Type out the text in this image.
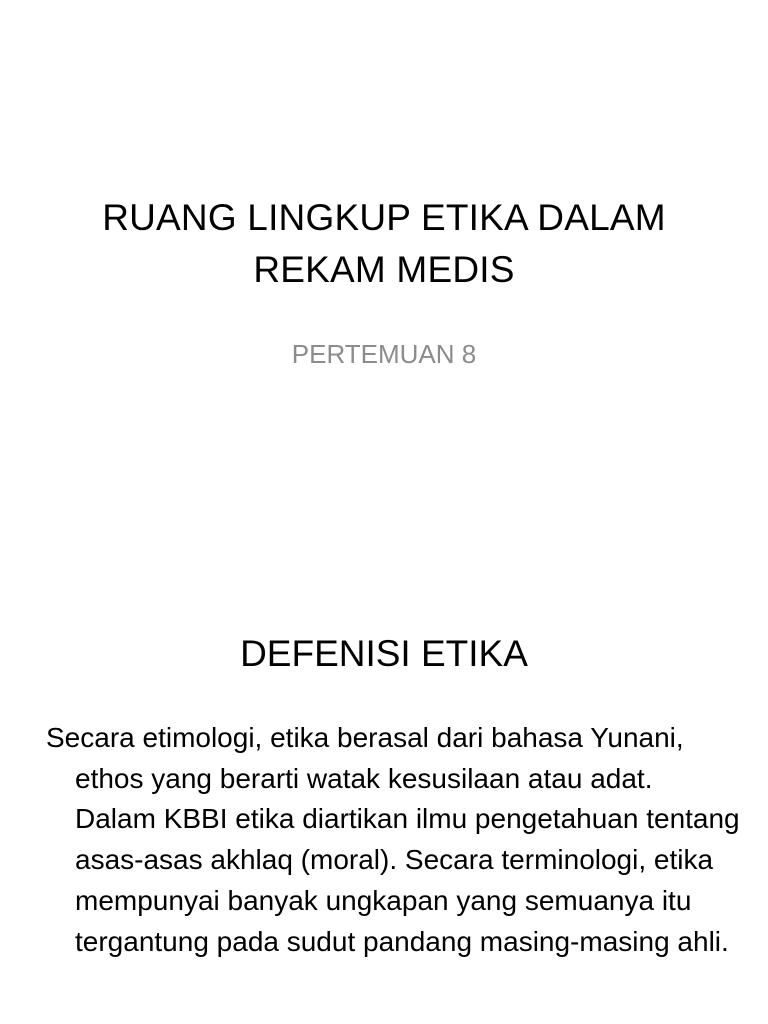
RUANG LINGKUP ETIKA DALAM REKAM MEDIS

PERTEMUAN 8

DEFENISI ETIKA

Secara etimologi, etika berasal dari bahasa Yunani, ethos yang berarti watak kesusilaan atau adat. Dalam KBBI etika diartikan ilmu pengetahuan tentang asas-asas akhlaq (moral). Secara terminologi, etika mempunyai banyak ungkapan yang semuanya itu tergantung pada sudut pandang masing-masing ahli.
